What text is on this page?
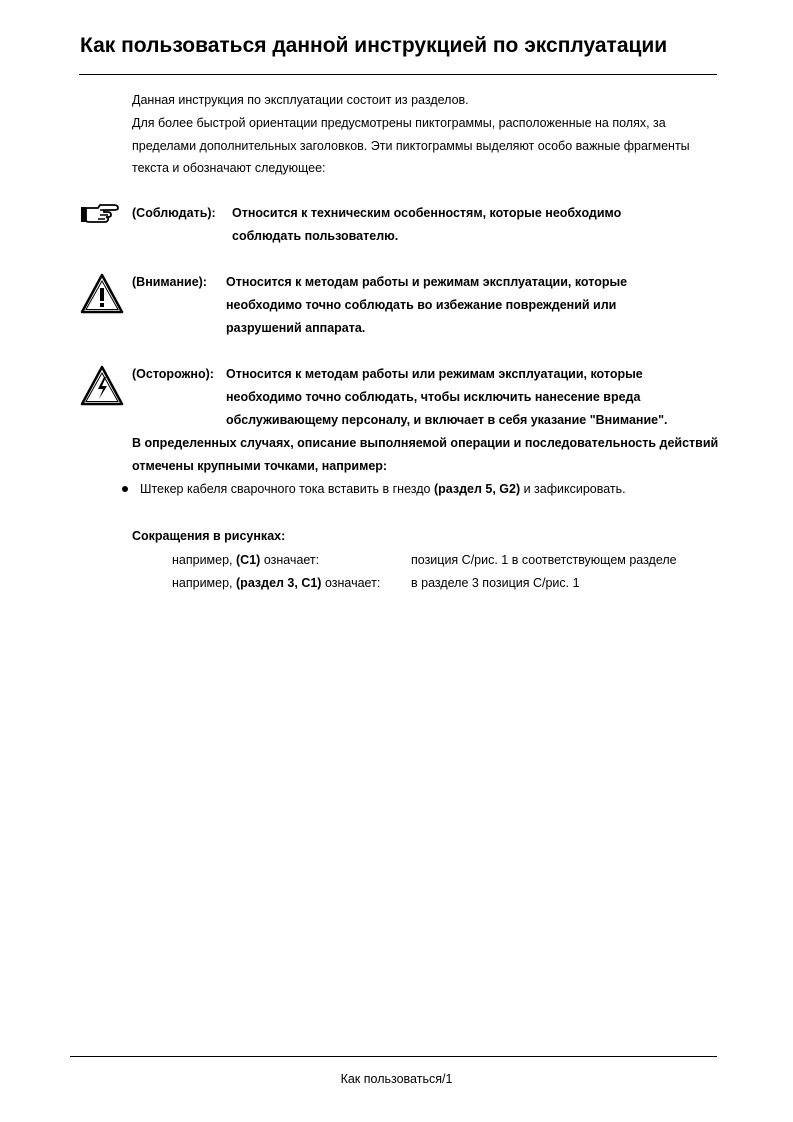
Как пользоваться данной инструкцией по эксплуатации

Данная инструкция по эксплуатации состоит из разделов.

Для более быстрой ориентации предусмотрены пиктограммы, расположенные на полях, за пределами дополнительных заголовков. Эти пиктограммы выделяют особо важные фрагменты текста и обозначают следующее:

(Соблюдать): Относится к техническим особенностям, которые необходимо соблюдать пользователю.
(Внимание): Относится к методам работы и режимам эксплуатации, которые необходимо точно соблюдать во избежание повреждений или разрушений аппарата.
(Осторожно): Относится к методам работы или режимам эксплуатации, которые необходимо точно соблюдать, чтобы исключить нанесение вреда обслуживающему персоналу, и включает в себя указание "Внимание".
В определенных случаях, описание выполняемой операции и последовательность действий отмечены крупными точками, например:
Штекер кабеля сварочного тока вставить в гнездо (раздел 5, G2) и зафиксировать.
Сокращения в рисунках:
например, (C1) означает:	позиция C/рис. 1 в соответствующем разделе
например, (раздел 3, C1) означает: в разделе 3 позиция C/рис. 1
Как пользоваться/1
